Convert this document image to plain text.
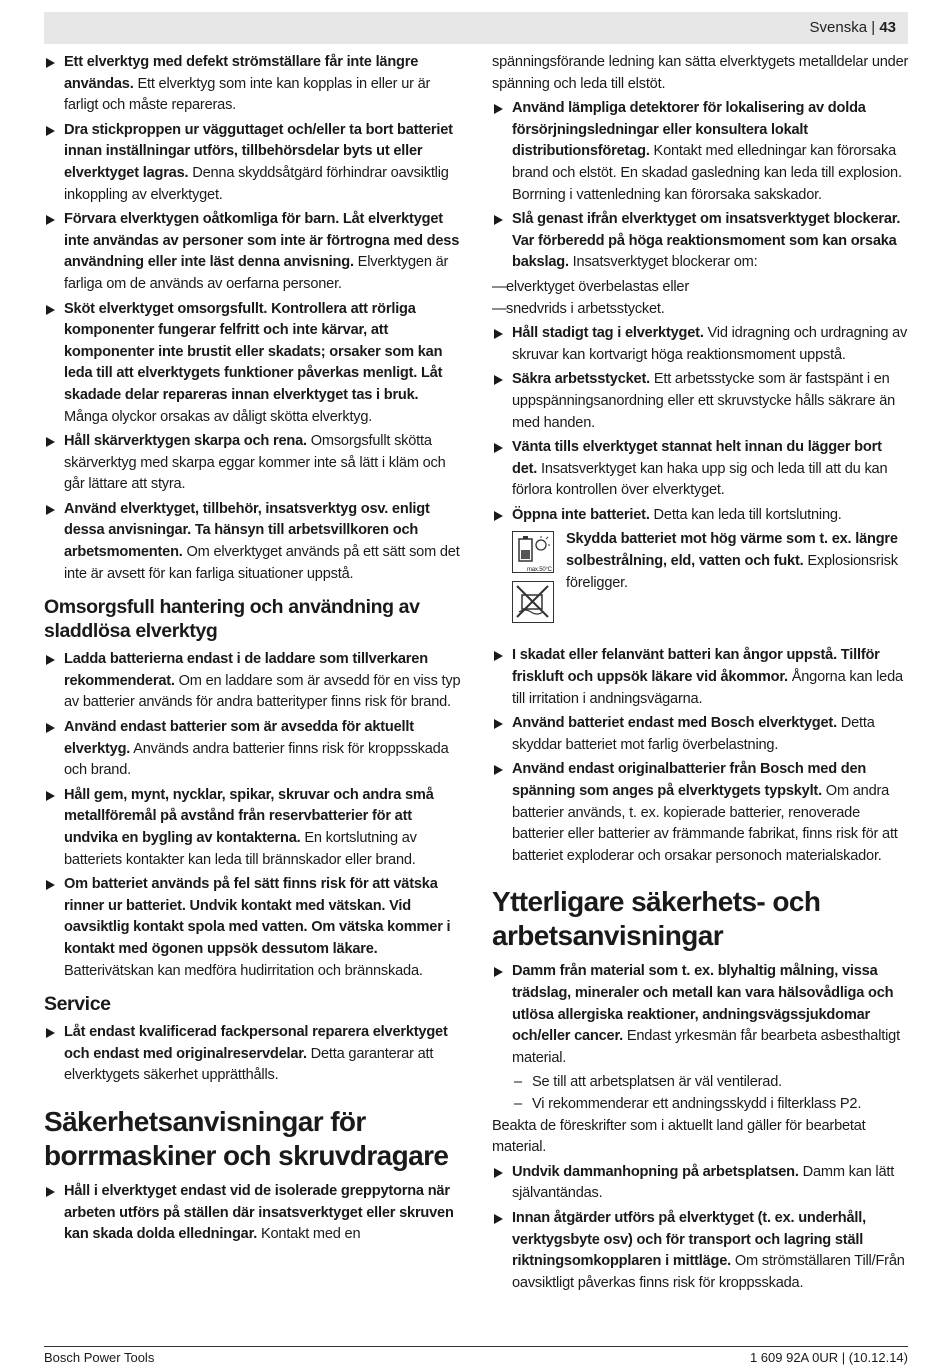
Svenska | 43
Ett elverktyg med defekt strömställare får inte längre användas. Ett elverktyg som inte kan kopplas in eller ur är farligt och måste repareras.
Dra stickproppen ur vägguttaget och/eller ta bort batteriet innan inställningar utförs, tillbehörsdelar byts ut eller elverktyget lagras. Denna skyddsåtgärd förhindrar oavsiktlig inkoppling av elverktyget.
Förvara elverktygen oåtkomliga för barn. Låt elverktyget inte användas av personer som inte är förtrogna med dess användning eller inte läst denna anvisning. Elverktygen är farliga om de används av oerfarna personer.
Sköt elverktyget omsorgsfullt. Kontrollera att rörliga komponenter fungerar felfritt och inte kärvar, att komponenter inte brustit eller skadats; orsaker som kan leda till att elverktygets funktioner påverkas menligt. Låt skadade delar repareras innan elverktyget tas i bruk. Många olyckor orsakas av dåligt skötta elverktyg.
Håll skärverktygen skarpa och rena. Omsorgsfullt skötta skärverktyg med skarpa eggar kommer inte så lätt i kläm och går lättare att styra.
Använd elverktyget, tillbehör, insatsverktyg osv. enligt dessa anvisningar. Ta hänsyn till arbetsvillkoren och arbetsmomenten. Om elverktyget används på ett sätt som det inte är avsett för kan farliga situationer uppstå.
Omsorgsfull hantering och användning av sladdlösa elverktyg
Ladda batterierna endast i de laddare som tillverkaren rekommenderat. Om en laddare som är avsedd för en viss typ av batterier används för andra batterityper finns risk för brand.
Använd endast batterier som är avsedda för aktuellt elverktyg. Används andra batterier finns risk för kroppsskada och brand.
Håll gem, mynt, nycklar, spikar, skruvar och andra små metallföremål på avstånd från reservbatterier för att undvika en bygling av kontakterna. En kortslutning av batteriets kontakter kan leda till brännskador eller brand.
Om batteriet används på fel sätt finns risk för att vätska rinner ur batteriet. Undvik kontakt med vätskan. Vid oavsiktlig kontakt spola med vatten. Om vätska kommer i kontakt med ögonen uppsök dessutom läkare. Batterivätskan kan medföra hudirritation och brännskada.
Service
Låt endast kvalificerad fackpersonal reparera elverktyget och endast med originalreservdelar. Detta garanterar att elverktygets säkerhet upprätthålls.
Säkerhetsanvisningar för borrmaskiner och skruvdragare
Håll i elverktyget endast vid de isolerade greppytorna när arbeten utförs på ställen där insatsverktyget eller skruven kan skada dolda elledningar. Kontakt med en
spänningsförande ledning kan sätta elverktygets metalldelar under spänning och leda till elstöt.
Använd lämpliga detektorer för lokalisering av dolda försörjningsledningar eller konsultera lokalt distributionsföretag. Kontakt med elledningar kan förorsaka brand och elstöt. En skadad gasledning kan leda till explosion. Borrning i vattenledning kan förorsaka sakskador.
Slå genast ifrån elverktyget om insatsverktyget blockerar. Var förberedd på höga reaktionsmoment som kan orsaka bakslag. Insatsverktyget blockerar om:
— elverktyget överbelastas eller
— snedvrids i arbetsstycket.
Håll stadigt tag i elverktyget. Vid idragning och urdragning av skruvar kan kortvarigt höga reaktionsmoment uppstå.
Säkra arbetsstycket. Ett arbetsstycke som är fastspänt i en uppspänningsanordning eller ett skruvstycke hålls säkrare än med handen.
Vänta tills elverktyget stannat helt innan du lägger bort det. Insatsverktyget kan haka upp sig och leda till att du kan förlora kontrollen över elverktyget.
Öppna inte batteriet. Detta kan leda till kortslutning.
max.50°C
Skydda batteriet mot hög värme som t. ex. längre solbestrålning, eld, vatten och fukt. Explosionsrisk föreligger.
I skadat eller felanvänt batteri kan ångor uppstå. Tillför friskluft och uppsök läkare vid åkommor. Ångorna kan leda till irritation i andningsvägarna.
Använd batteriet endast med Bosch elverktyget. Detta skyddar batteriet mot farlig överbelastning.
Använd endast originalbatterier från Bosch med den spänning som anges på elverktygets typskylt. Om andra batterier används, t. ex. kopierade batterier, renoverade batterier eller batterier av främmande fabrikat, finns risk för att batteriet exploderar och orsakar personoch materialskador.
Ytterligare säkerhets- och arbetsanvisningar
Damm från material som t. ex. blyhaltig målning, vissa trädslag, mineraler och metall kan vara hälsovådliga och utlösa allergiska reaktioner, andningsvägssjukdomar och/eller cancer. Endast yrkesmän får bearbeta asbesthaltigt material.
– Se till att arbetsplatsen är väl ventilerad.
– Vi rekommenderar ett andningsskydd i filterklass P2.
Beakta de föreskrifter som i aktuellt land gäller för bearbetat material.
Undvik dammanhopning på arbetsplatsen. Damm kan lätt självantändas.
Innan åtgärder utförs på elverktyget (t. ex. underhåll, verktygsbyte osv) och för transport och lagring ställ riktningsomkopplaren i mittläge. Om strömställaren Till/Från oavsiktligt påverkas finns risk för kroppsskada.
Bosch Power Tools	1 609 92A 0UR | (10.12.14)
